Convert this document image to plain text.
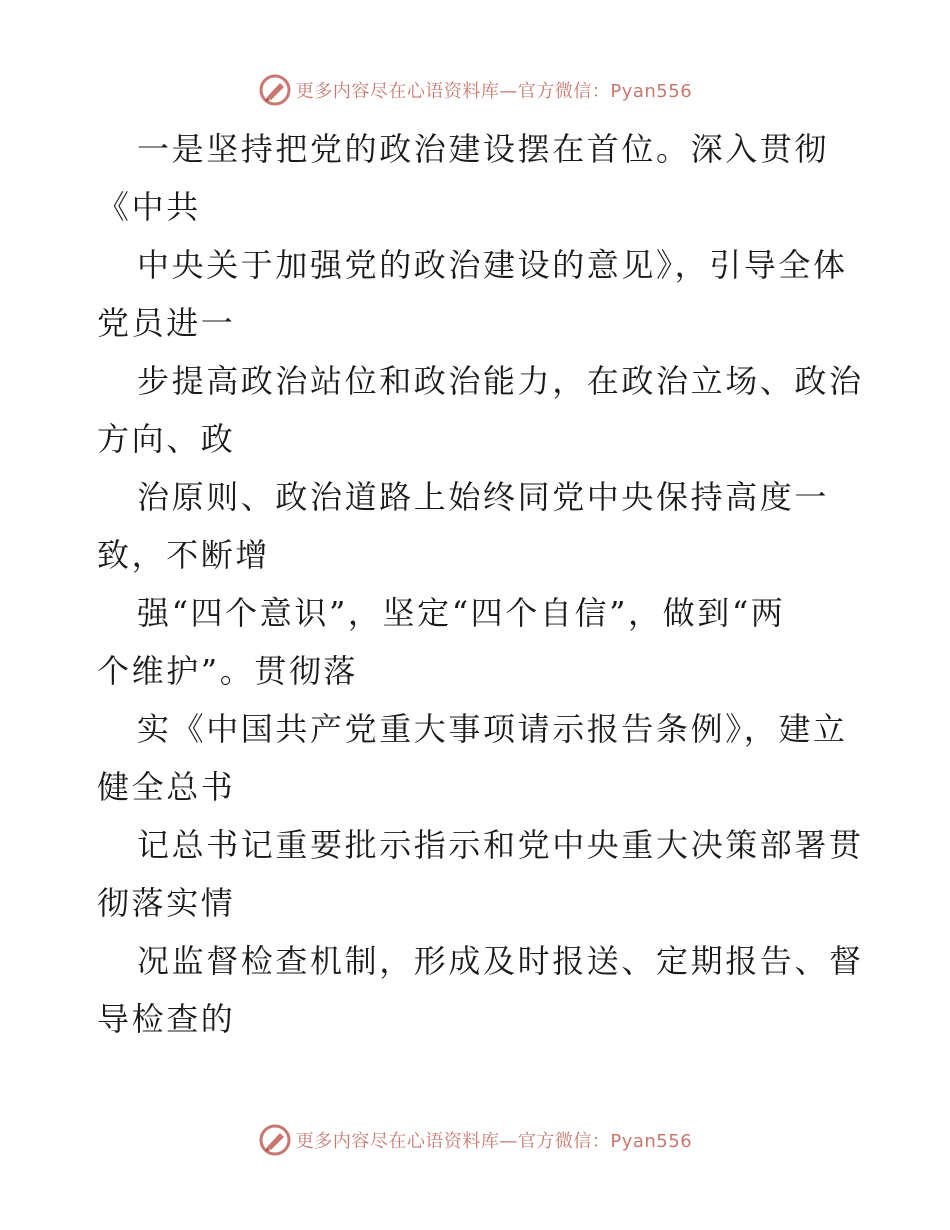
更多内容尽在心语资料库—官方微信：Pyan556

一是坚持把党的政治建设摆在首位。深入贯彻
《中共

中央关于加强党的政治建设的意见》，引导全体
党员进一

步提高政治站位和政治能力，在政治立场、政治
方向、政

治原则、政治道路上始终同党中央保持高度一
致，不断增

强“四个意识”，坚定“四个自信”，做到“两
个维护”。贯彻落

实《中国共产党重大事项请示报告条例》，建立
健全总书

记总书记重要批示指示和党中央重大决策部署贯
彻落实情

况监督检查机制，形成及时报送、定期报告、督
导检查的

更多内容尽在心语资料库—官方微信：Pyan556
